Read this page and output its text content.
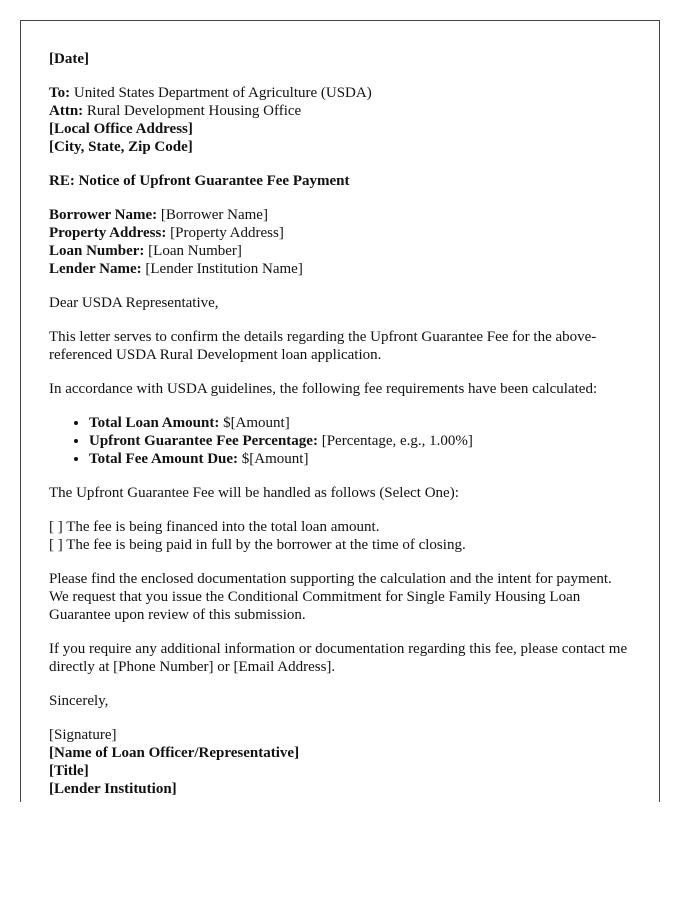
[Date]

To: United States Department of Agriculture (USDA)
Attn: Rural Development Housing Office
[Local Office Address]
[City, State, Zip Code]

RE: Notice of Upfront Guarantee Fee Payment

Borrower Name: [Borrower Name]
Property Address: [Property Address]
Loan Number: [Loan Number]
Lender Name: [Lender Institution Name]

Dear USDA Representative,

This letter serves to confirm the details regarding the Upfront Guarantee Fee for the above-referenced USDA Rural Development loan application.

In accordance with USDA guidelines, the following fee requirements have been calculated:

• Total Loan Amount: $[Amount]
• Upfront Guarantee Fee Percentage: [Percentage, e.g., 1.00%]
• Total Fee Amount Due: $[Amount]

The Upfront Guarantee Fee will be handled as follows (Select One):

[ ] The fee is being financed into the total loan amount.
[ ] The fee is being paid in full by the borrower at the time of closing.

Please find the enclosed documentation supporting the calculation and the intent for payment. We request that you issue the Conditional Commitment for Single Family Housing Loan Guarantee upon review of this submission.

If you require any additional information or documentation regarding this fee, please contact me directly at [Phone Number] or [Email Address].

Sincerely,

[Signature]
[Name of Loan Officer/Representative]
[Title]
[Lender Institution]
